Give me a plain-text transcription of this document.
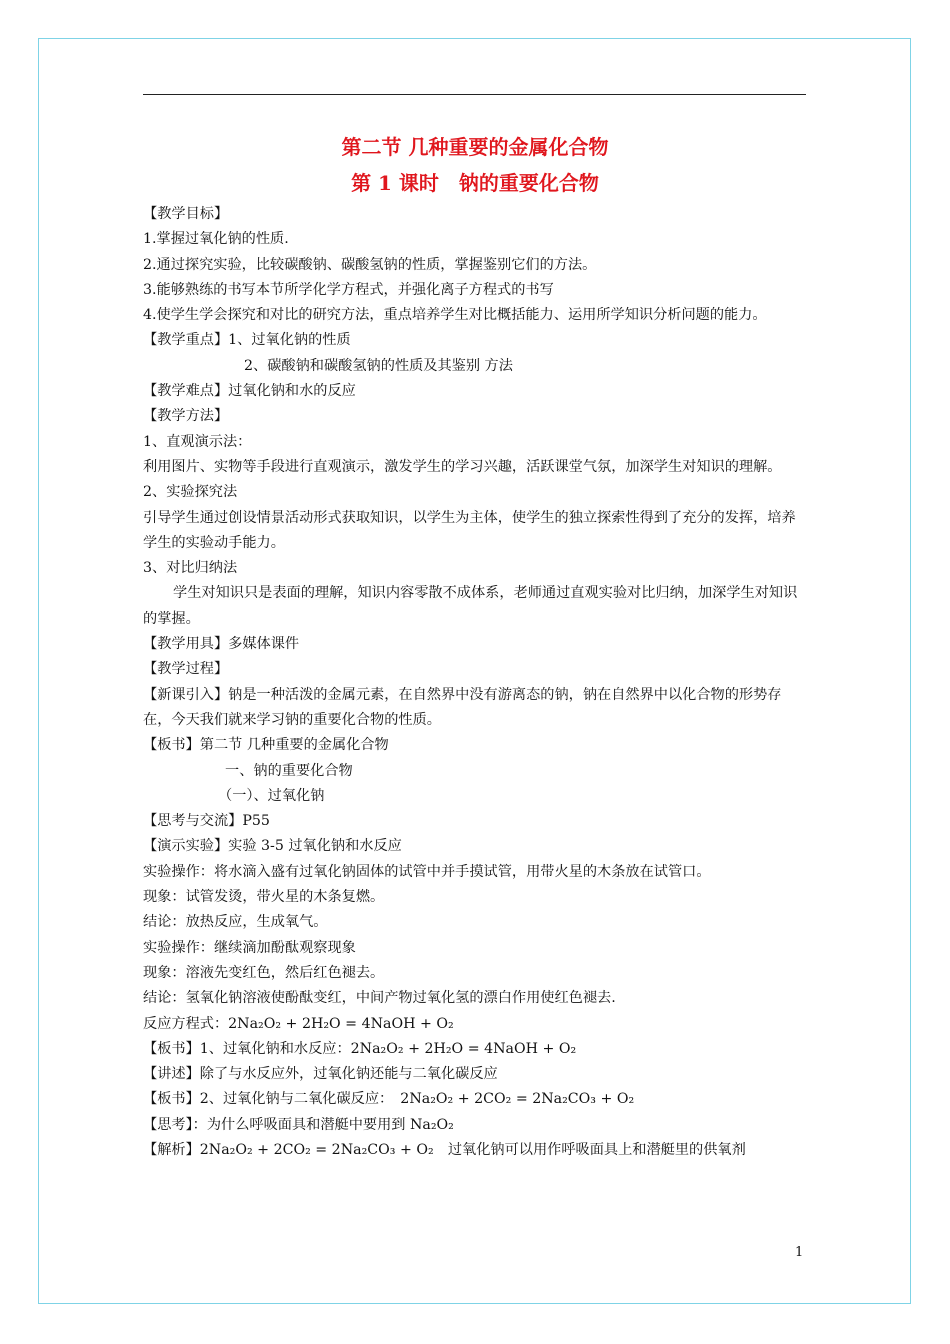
第二节 几种重要的金属化合物
第 1 课时　钠的重要化合物

【教学目标】

1.掌握过氧化钠的性质.

2.通过探究实验，比较碳酸钠、碳酸氢钠的性质，掌握鉴别它们的方法。

3.能够熟练的书写本节所学化学方程式，并强化离子方程式的书写

4.使学生学会探究和对比的研究方法，重点培养学生对比概括能力、运用所学知识分析问题的能力。

【教学重点】1、过氧化钠的性质

2、碳酸钠和碳酸氢钠的性质及其鉴别 方法

【教学难点】过氧化钠和水的反应

【教学方法】

1、直观演示法：

利用图片、实物等手段进行直观演示，激发学生的学习兴趣，活跃课堂气氛，加深学生对知识的理解。

2、实验探究法

引导学生通过创设情景活动形式获取知识，以学生为主体，使学生的独立探索性得到了充分的发挥，培养学生的实验动手能力。

3、对比归纳法

学生对知识只是表面的理解，知识内容零散不成体系，老师通过直观实验对比归纳，加深学生对知识的掌握。

【教学用具】多媒体课件

【教学过程】

【新课引入】钠是一种活泼的金属元素，在自然界中没有游离态的钠，钠在自然界中以化合物的形势存在，今天我们就来学习钠的重要化合物的性质。

【板书】第二节 几种重要的金属化合物

一、钠的重要化合物

（一）、过氧化钠

【思考与交流】P55

【演示实验】实验 3-5 过氧化钠和水反应

实验操作：将水滴入盛有过氧化钠固体的试管中并手摸试管，用带火星的木条放在试管口。

现象：试管发烫，带火星的木条复燃。

结论：放热反应，生成氧气。

实验操作：继续滴加酚酞观察现象

现象：溶液先变红色，然后红色褪去。

结论：氢氧化钠溶液使酚酞变红，中间产物过氧化氢的漂白作用使红色褪去.

反应方程式：2Na₂O₂ + 2H₂O = 4NaOH + O₂

【板书】1、过氧化钠和水反应：2Na₂O₂ + 2H₂O = 4NaOH + O₂

【讲述】除了与水反应外，过氧化钠还能与二氧化碳反应

【板书】2、过氧化钠与二氧化碳反应：　2Na₂O₂ + 2CO₂ = 2Na₂CO₃ + O₂

【思考】：为什么呼吸面具和潜艇中要用到 Na₂O₂

【解析】2Na₂O₂ + 2CO₂ = 2Na₂CO₃ + O₂　过氧化钠可以用作呼吸面具上和潜艇里的供氧剂

1
